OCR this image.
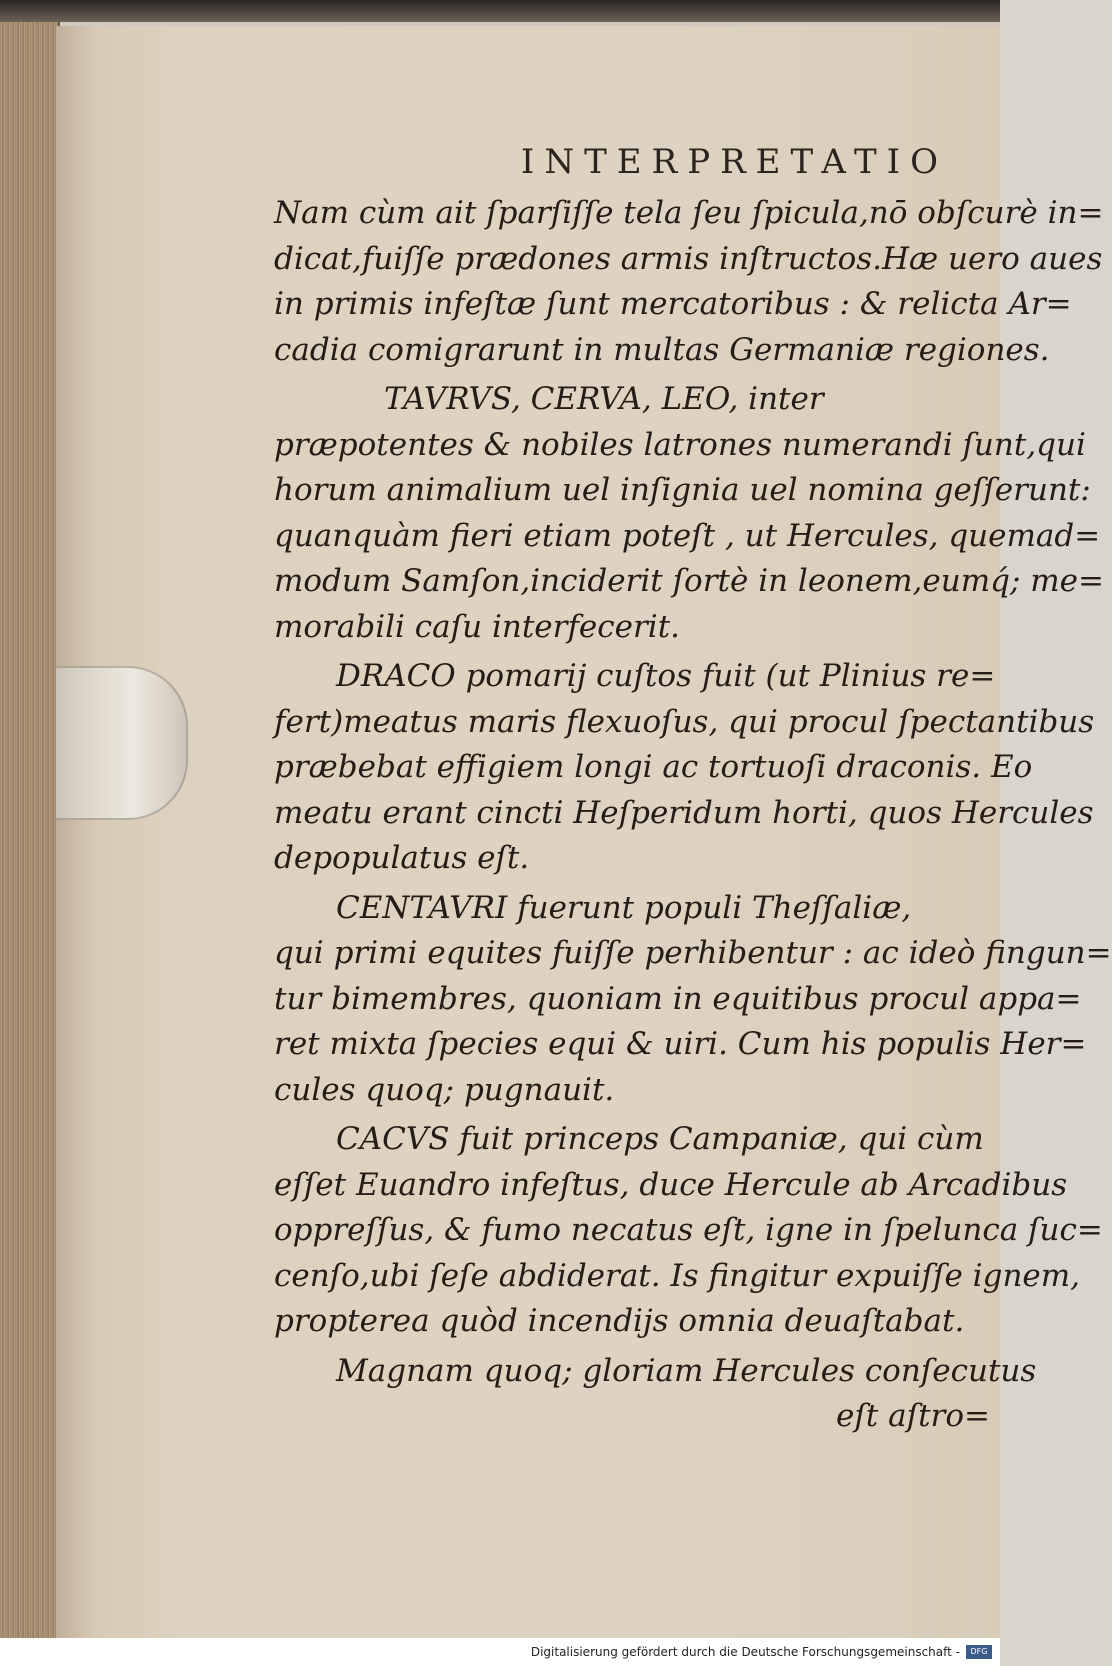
INTERPRETATIO
Nam cùm ait ſparſiſſe tela ſeu ſpicula,nō obſcurè in=
dicat,fuiſſe prædones armis inſtructos.Hæ uero aues
in primis infeſtæ ſunt mercatoribus : & relicta Ar=
cadia comigrarunt in multas Germaniæ regiones.
TAVRVS, CERVA, LEO, inter
præpotentes & nobiles latrones numerandi ſunt,qui
horum animalium uel inſignia uel nomina geſſerunt:
quanquàm fieri etiam poteſt , ut Hercules, quemad=
modum Samſon,inciderit ſortè in leonem,eumq́; me=
morabili caſu interfecerit.
DRACO pomarij cuſtos fuit (ut Plinius re=
fert)meatus maris flexuoſus, qui procul ſpectantibus
præbebat effigiem longi ac tortuoſi draconis. Eo
meatu erant cincti Heſperidum horti, quos Hercules
depopulatus eſt.
CENTAVRI fuerunt populi Theſſaliæ,
qui primi equites fuiſſe perhibentur : ac ideò fingun=
tur bimembres, quoniam in equitibus procul appa=
ret mixta ſpecies equi & uiri. Cum his populis Her=
cules quoq; pugnauit.
CACVS fuit princeps Campaniæ, qui cùm
eſſet Euandro infeſtus, duce Hercule ab Arcadibus
oppreſſus, & fumo necatus eſt, igne in ſpelunca ſuc=
cenſo,ubi ſeſe abdiderat. Is fingitur expuiſſe ignem,
propterea quòd incendijs omnia deuaſtabat.
Magnam quoq; gloriam Hercules conſecutus
eſt aſtro=
Digitalisierung gefördert durch die Deutsche Forschungsgemeinschaft -	DFG
